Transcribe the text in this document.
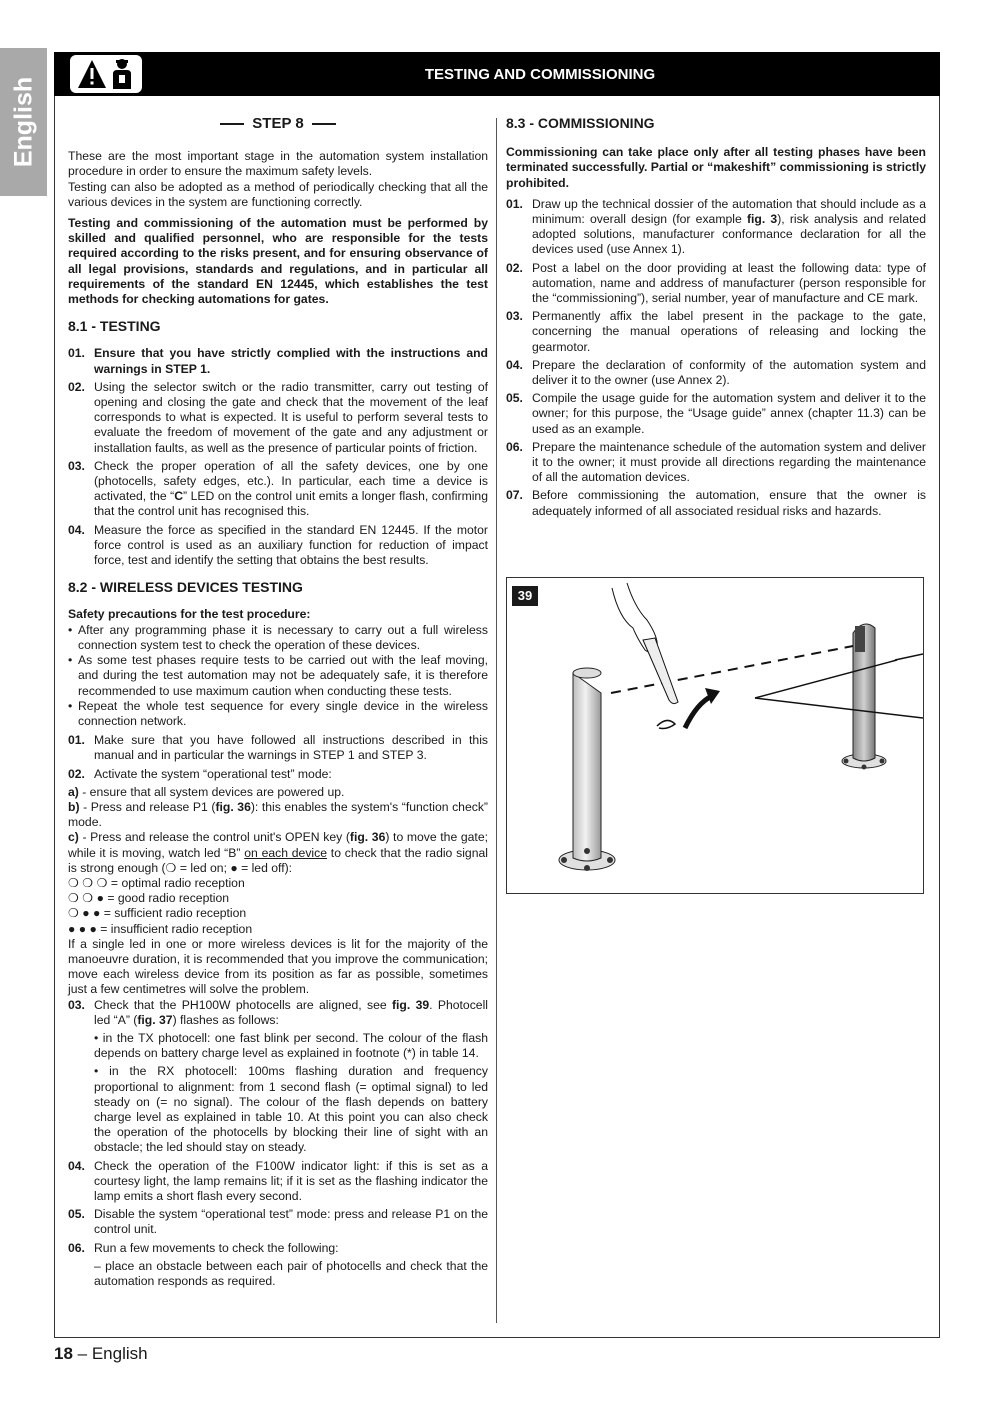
English
TESTING AND COMMISSIONING
STEP 8

These are the most important stage in the automation system installation procedure in order to ensure the maximum safety levels.

Testing can also be adopted as a method of periodically checking that all the various devices in the system are functioning correctly.

Testing and commissioning of the automation must be performed by skilled and qualified personnel, who are responsible for the tests required according to the risks present, and for ensuring observance of all legal provisions, standards and regulations, and in particular all requirements of the standard EN 12445, which establishes the test methods for checking automations for gates.

8.1 - TESTING
01. Ensure that you have strictly complied with the instructions and warnings in STEP 1.
02. Using the selector switch or the radio transmitter, carry out testing of opening and closing the gate and check that the movement of the leaf corresponds to what is expected. It is useful to perform several tests to evaluate the freedom of movement of the gate and any adjustment or installation faults, as well as the presence of particular points of friction.
03. Check the proper operation of all the safety devices, one by one (photocells, safety edges, etc.). In particular, each time a device is activated, the “C” LED on the control unit emits a longer flash, confirming that the control unit has recognised this.
04. Measure the force as specified in the standard EN 12445. If the motor force control is used as an auxiliary function for reduction of impact force, test and identify the setting that obtains the best results.
8.2 - WIRELESS DEVICES TESTING

Safety precautions for the test procedure:

• After any programming phase it is necessary to carry out a full wireless connection system test to check the operation of these devices.
• As some test phases require tests to be carried out with the leaf moving, and during the test automation may not be adequately safe, it is therefore recommended to use maximum caution when conducting these tests.
• Repeat the whole test sequence for every single device in the wireless connection network.
01. Make sure that you have followed all instructions described in this manual and in particular the warnings in STEP 1 and STEP 3.
02. Activate the system “operational test” mode:

a) - ensure that all system devices are powered up.

b) - Press and release P1 (fig. 36): this enables the system's “function check” mode.

c) - Press and release the control unit's OPEN key (fig. 36) to move the gate; while it is moving, watch led “B” on each device to check that the radio signal is strong enough (❍ = led on; ● = led off):

❍ ❍ ❍ = optimal radio reception
❍ ❍ ● = good radio reception
❍ ● ● = sufficient radio reception
● ● ● = insufficient radio reception

If a single led in one or more wireless devices is lit for the majority of the manoeuvre duration, it is recommended that you improve the communication; move each wireless device from its position as far as possible, sometimes just a few centimetres will solve the problem.

03. Check that the PH100W photocells are aligned, see fig. 39. Photocell led “A” (fig. 37) flashes as follows:
• in the TX photocell: one fast blink per second. The colour of the flash depends on battery charge level as explained in footnote (*) in table 14.
• in the RX photocell: 100ms flashing duration and frequency proportional to alignment: from 1 second flash (= optimal signal) to led steady on (= no signal). The colour of the flash depends on battery charge level as explained in table 10. At this point you can also check the operation of the photocells by blocking their line of sight with an obstacle; the led should stay on steady.
04. Check the operation of the F100W indicator light: if this is set as a courtesy light, the lamp remains lit; if it is set as the flashing indicator the lamp emits a short flash every second.
05. Disable the system “operational test” mode: press and release P1 on the control unit.
06. Run a few movements to check the following:
– place an obstacle between each pair of photocells and check that the automation responds as required.
8.3 - COMMISSIONING

Commissioning can take place only after all testing phases have been terminated successfully. Partial or “makeshift” commissioning is strictly prohibited.

01. Draw up the technical dossier of the automation that should include as a minimum: overall design (for example fig. 3), risk analysis and related adopted solutions, manufacturer conformance declaration for all the devices used (use Annex 1).
02. Post a label on the door providing at least the following data: type of automation, name and address of manufacturer (person responsible for the “commissioning”), serial number, year of manufacture and CE mark.
03. Permanently affix the label present in the package to the gate, concerning the manual operations of releasing and locking the gearmotor.
04. Prepare the declaration of conformity of the automation system and deliver it to the owner (use Annex 2).
05. Compile the usage guide for the automation system and deliver it to the owner; for this purpose, the “Usage guide” annex (chapter 11.3) can be used as an example.
06. Prepare the maintenance schedule of the automation system and deliver it to the owner; it must provide all directions regarding the maintenance of all the automation devices.
07. Before commissioning the automation, ensure that the owner is adequately informed of all associated residual risks and hazards.
39
18 – English
